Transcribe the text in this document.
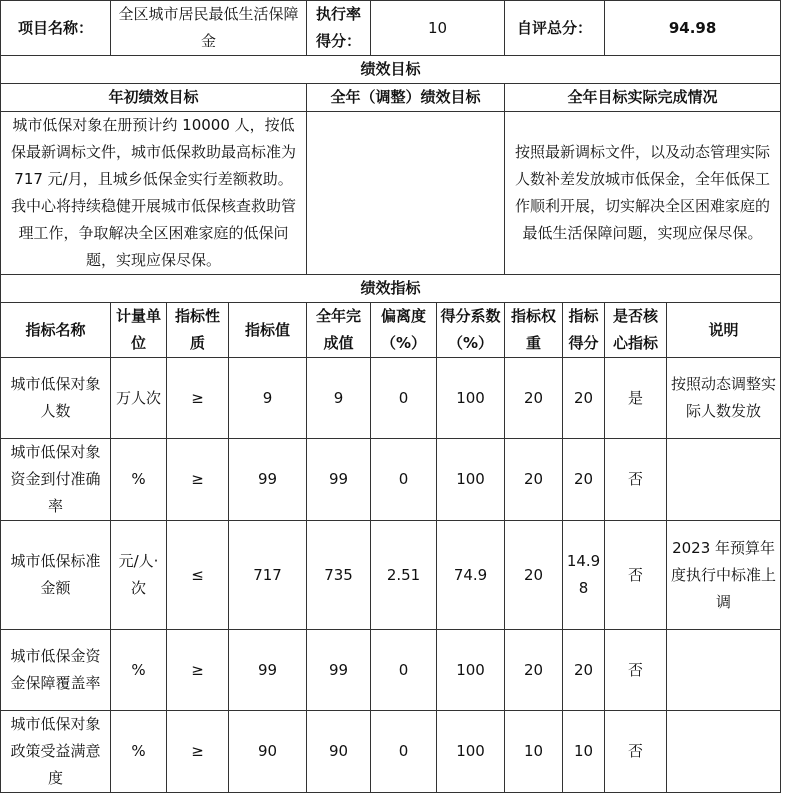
项目名称：	全区城市居民最低生活保障金			执行率得分：	10		自评总分：		94.98	
绩效目标										
年初绩效目标				全年（调整）绩效目标			全年目标实际完成情况			
城市低保对象在册预计约 10000 人，按低保最新调标文件，城市低保救助最高标准为 717 元/月，且城乡低保金实行差额救助。我中心将持续稳健开展城市低保核查救助管理工作，争取解决全区困难家庭的低保问题，实现应保尽保。							按照最新调标文件，以及动态管理实际人数补差发放城市低保金，全年低保工作顺利开展，切实解决全区困难家庭的最低生活保障问题，实现应保尽保。			
绩效指标										
指标名称	计量单位	指标性质	指标值	全年完成值	偏离度（%）	得分系数（%）	指标权重	指标得分	是否核心指标	说明
城市低保对象人数	万人次	≥	9	9	0	100	20	20	是	按照动态调整实际人数发放
城市低保对象资金到付准确率	%	≥	99	99	0	100	20	20	否	
城市低保标准金额	元/人·次	≤	717	735	2.51	74.9	20	14.98	否	2023 年预算年度执行中标准上调
城市低保金资金保障覆盖率	%	≥	99	99	0	100	20	20	否	
城市低保对象政策受益满意度	%	≥	90	90	0	100	10	10	否	
